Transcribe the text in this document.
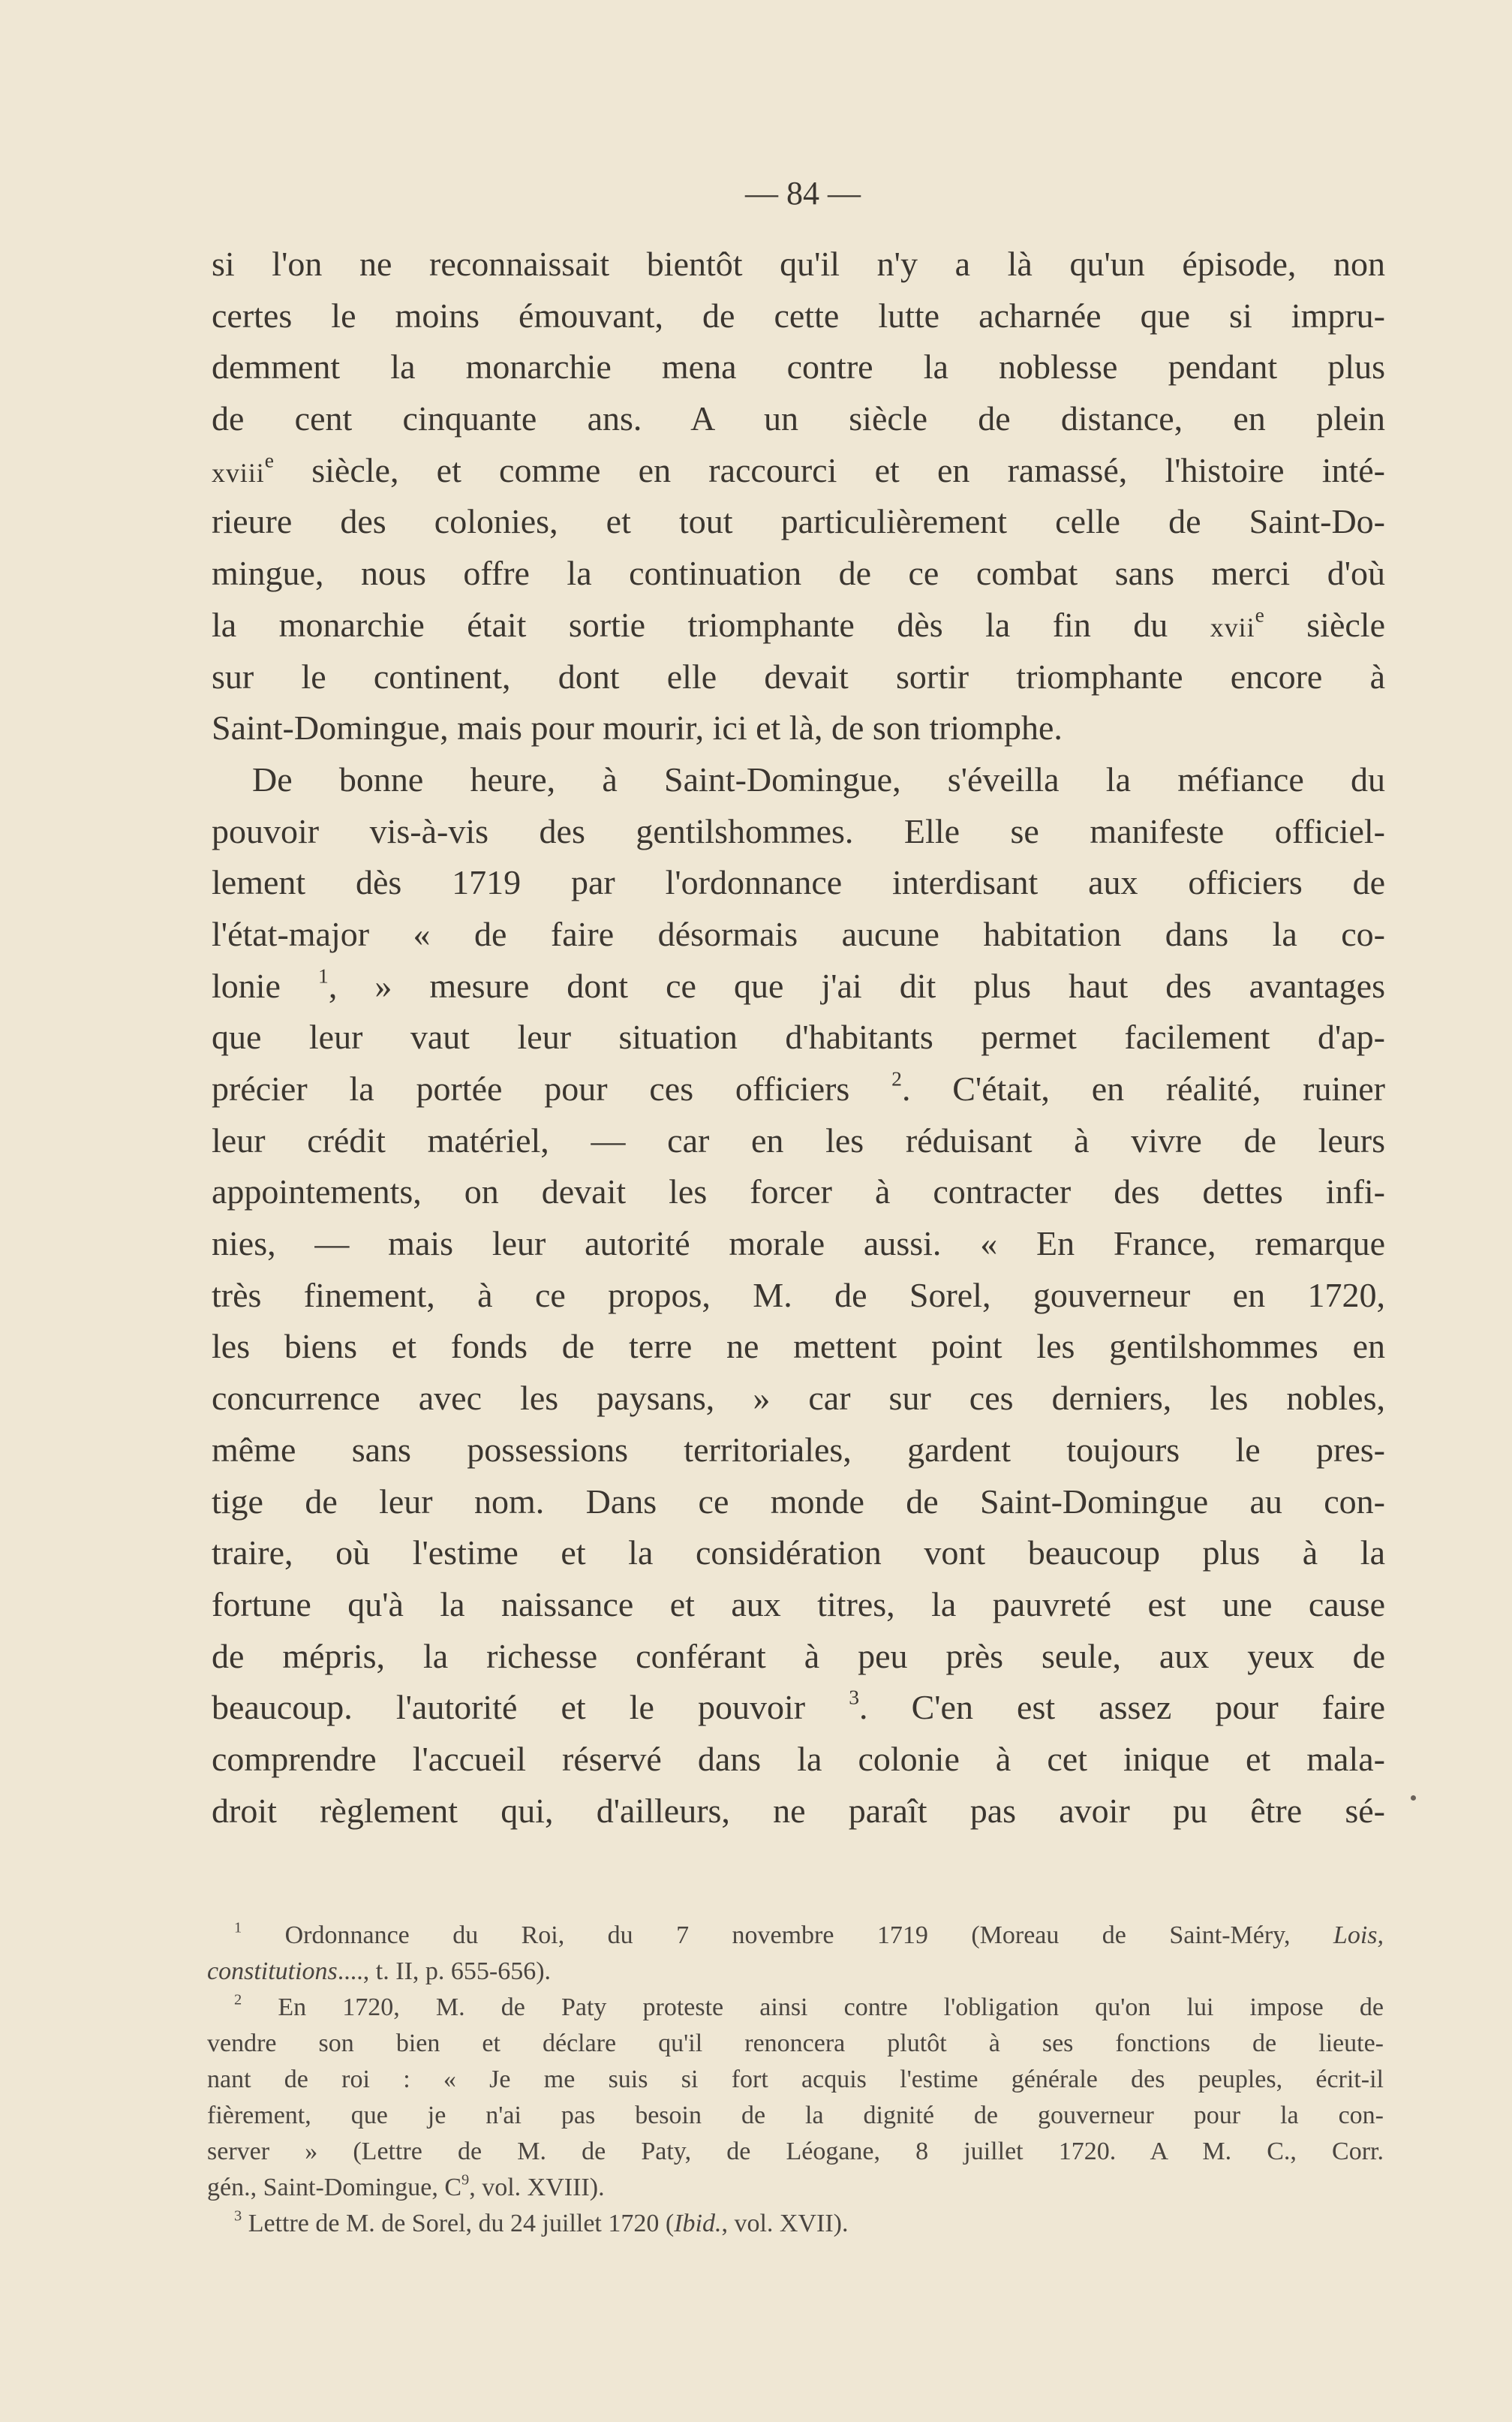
— 84 —
si l'on ne reconnaissait bientôt qu'il n'y a là qu'un épisode, non
certes le moins émouvant, de cette lutte acharnée que si impru-
demment la monarchie mena contre la noblesse pendant plus
de cent cinquante ans. A un siècle de distance, en plein
xviii$^e$ siècle, et comme en raccourci et en ramassé, l'histoire inté-
rieure des colonies, et tout particulièrement celle de Saint-Do-
mingue, nous offre la continuation de ce combat sans merci d'où
la monarchie était sortie triomphante dès la fin du xvii$^e$ siècle
sur le continent, dont elle devait sortir triomphante encore à
Saint-Domingue, mais pour mourir, ici et là, de son triomphe.
De bonne heure, à Saint-Domingue, s'éveilla la méfiance du
pouvoir vis-à-vis des gentilshommes. Elle se manifeste officiel-
lement dès 1719 par l'ordonnance interdisant aux officiers de
l'état-major « de faire désormais aucune habitation dans la co-
lonie $^1$, » mesure dont ce que j'ai dit plus haut des avantages
que leur vaut leur situation d'habitants permet facilement d'ap-
précier la portée pour ces officiers $^2$. C'était, en réalité, ruiner
leur crédit matériel, — car en les réduisant à vivre de leurs
appointements, on devait les forcer à contracter des dettes infi-
nies, — mais leur autorité morale aussi. « En France, remarque
très finement, à ce propos, M. de Sorel, gouverneur en 1720,
les biens et fonds de terre ne mettent point les gentilshommes en
concurrence avec les paysans, » car sur ces derniers, les nobles,
même sans possessions territoriales, gardent toujours le pres-
tige de leur nom. Dans ce monde de Saint-Domingue au con-
traire, où l'estime et la considération vont beaucoup plus à la
fortune qu'à la naissance et aux titres, la pauvreté est une cause
de mépris, la richesse conférant à peu près seule, aux yeux de
beaucoup. l'autorité et le pouvoir $^3$. C'en est assez pour faire
comprendre l'accueil réservé dans la colonie à cet inique et mala-
droit règlement qui, d'ailleurs, ne paraît pas avoir pu être sé-
$^1$ Ordonnance du Roi, du 7 novembre 1719 (Moreau de Saint-Méry, Lois,
constitutions...., t. II, p. 655-656).
$^2$ En 1720, M. de Paty proteste ainsi contre l'obligation qu'on lui impose de
vendre son bien et déclare qu'il renoncera plutôt à ses fonctions de lieute-
nant de roi : « Je me suis si fort acquis l'estime générale des peuples, écrit-il
fièrement, que je n'ai pas besoin de la dignité de gouverneur pour la con-
server » (Lettre de M. de Paty, de Léogane, 8 juillet 1720. A M. C., Corr.
gén., Saint-Domingue, $C^9$, vol. XVIII).
$^3$ Lettre de M. de Sorel, du 24 juillet 1720 (Ibid., vol. XVII).
